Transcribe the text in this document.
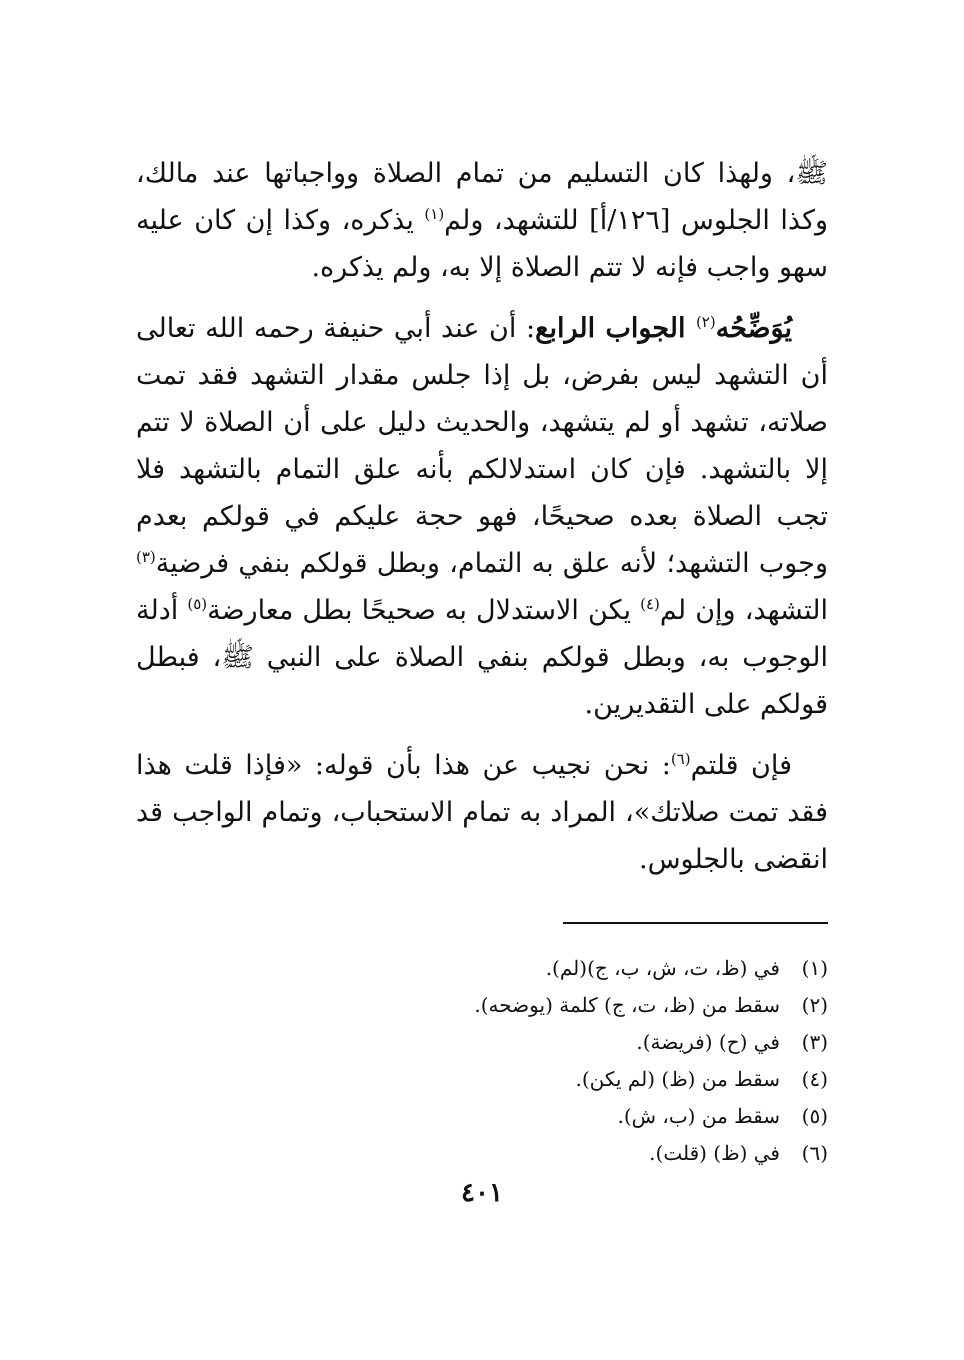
ﷺ، ولهذا كان التسليم من تمام الصلاة وواجباتها عند مالك، وكذا الجلوس [١٢٦/أ] للتشهد، ولم$^{(١)}$ يذكره، وكذا إن كان عليه سهو واجب فإنه لا تتم الصلاة إلا به، ولم يذكره.

يُوَضِّحُه$^{(٢)}$ الجواب الرابع: أن عند أبي حنيفة رحمه الله تعالى أن التشهد ليس بفرض، بل إذا جلس مقدار التشهد فقد تمت صلاته، تشهد أو لم يتشهد، والحديث دليل على أن الصلاة لا تتم إلا بالتشهد. فإن كان استدلالكم بأنه علق التمام بالتشهد فلا تجب الصلاة بعده صحيحًا، فهو حجة عليكم في قولكم بعدم وجوب التشهد؛ لأنه علق به التمام، وبطل قولكم بنفي فرضية$^{(٣)}$ التشهد، وإن لم$^{(٤)}$ يكن الاستدلال به صحيحًا بطل معارضة$^{(٥)}$ أدلة الوجوب به، وبطل قولكم بنفي الصلاة على النبي ﷺ، فبطل قولكم على التقديرين.

فإن قلتم$^{(٦)}$: نحن نجيب عن هذا بأن قوله: «فإذا قلت هذا فقد تمت صلاتك»، المراد به تمام الاستحباب، وتمام الواجب قد انقضى بالجلوس.

(١)
في (ظ، ت، ش، ب، ج)(لم).
(٢)
سقط من (ظ، ت، ج) كلمة (يوضحه).
(٣)
في (ح) (فريضة).
(٤)
سقط من (ظ) (لم يكن).
(٥)
سقط من (ب، ش).
(٦)
في (ظ) (قلت).
٤٠١
